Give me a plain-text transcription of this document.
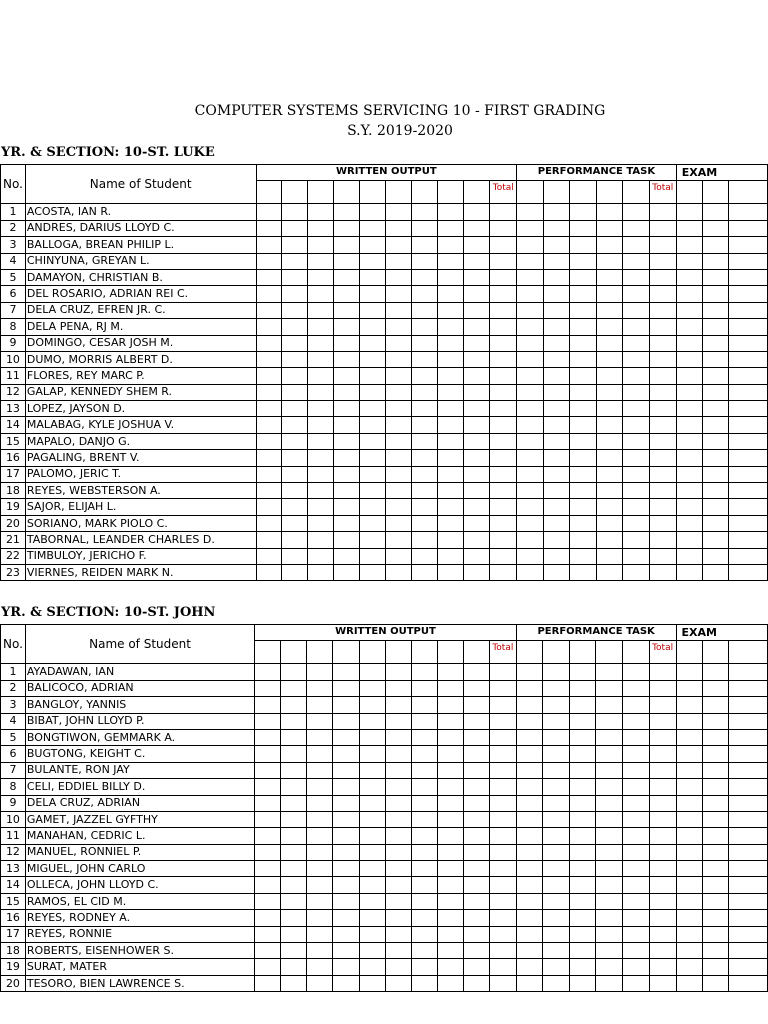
COMPUTER SYSTEMS SERVICING 10 - FIRST GRADING
S.Y. 2019-2020
YR. & SECTION: 10-ST. LUKE
No.	Name of Student	WRITTEN OUTPUT										PERFORMANCE TASK						EXAM		
											Total						Total			

1	ACOSTA, IAN R.																			
2	ANDRES, DARIUS LLOYD C.																			
3	BALLOGA, BREAN PHILIP L.																			
4	CHINYUNA, GREYAN L.																			
5	DAMAYON, CHRISTIAN B.																			
6	DEL ROSARIO, ADRIAN REI C.																			
7	DELA CRUZ, EFREN JR. C.																			
8	DELA PENA, RJ M.																			
9	DOMINGO, CESAR JOSH M.																			
10	DUMO, MORRIS ALBERT D.																			
11	FLORES, REY MARC P.																			
12	GALAP, KENNEDY SHEM R.																			
13	LOPEZ, JAYSON D.																			
14	MALABAG, KYLE JOSHUA V.																			
15	MAPALO, DANJO G.																			
16	PAGALING, BRENT V.																			
17	PALOMO, JERIC T.																			
18	REYES, WEBSTERSON A.																			
19	SAJOR, ELIJAH L.																			
20	SORIANO, MARK PIOLO C.																			
21	TABORNAL, LEANDER CHARLES D.																			
22	TIMBULOY, JERICHO F.																			
23	VIERNES, REIDEN MARK N.																			
YR. & SECTION: 10-ST. JOHN
No.	Name of Student	WRITTEN OUTPUT										PERFORMANCE TASK						EXAM		
											Total						Total			

1	AYADAWAN, IAN																			
2	BALICOCO, ADRIAN																			
3	BANGLOY, YANNIS																			
4	BIBAT, JOHN LLOYD P.																			
5	BONGTIWON, GEMMARK A.																			
6	BUGTONG, KEIGHT C.																			
7	BULANTE, RON JAY																			
8	CELI, EDDIEL BILLY D.																			
9	DELA CRUZ, ADRIAN																			
10	GAMET, JAZZEL GYFTHY																			
11	MANAHAN, CEDRIC L.																			
12	MANUEL, RONNIEL P.																			
13	MIGUEL, JOHN CARLO																			
14	OLLECA, JOHN LLOYD C.																			
15	RAMOS, EL CID M.																			
16	REYES, RODNEY A.																			
17	REYES, RONNIE																			
18	ROBERTS, EISENHOWER S.																			
19	SURAT, MATER																			
20	TESORO, BIEN LAWRENCE S.																			
